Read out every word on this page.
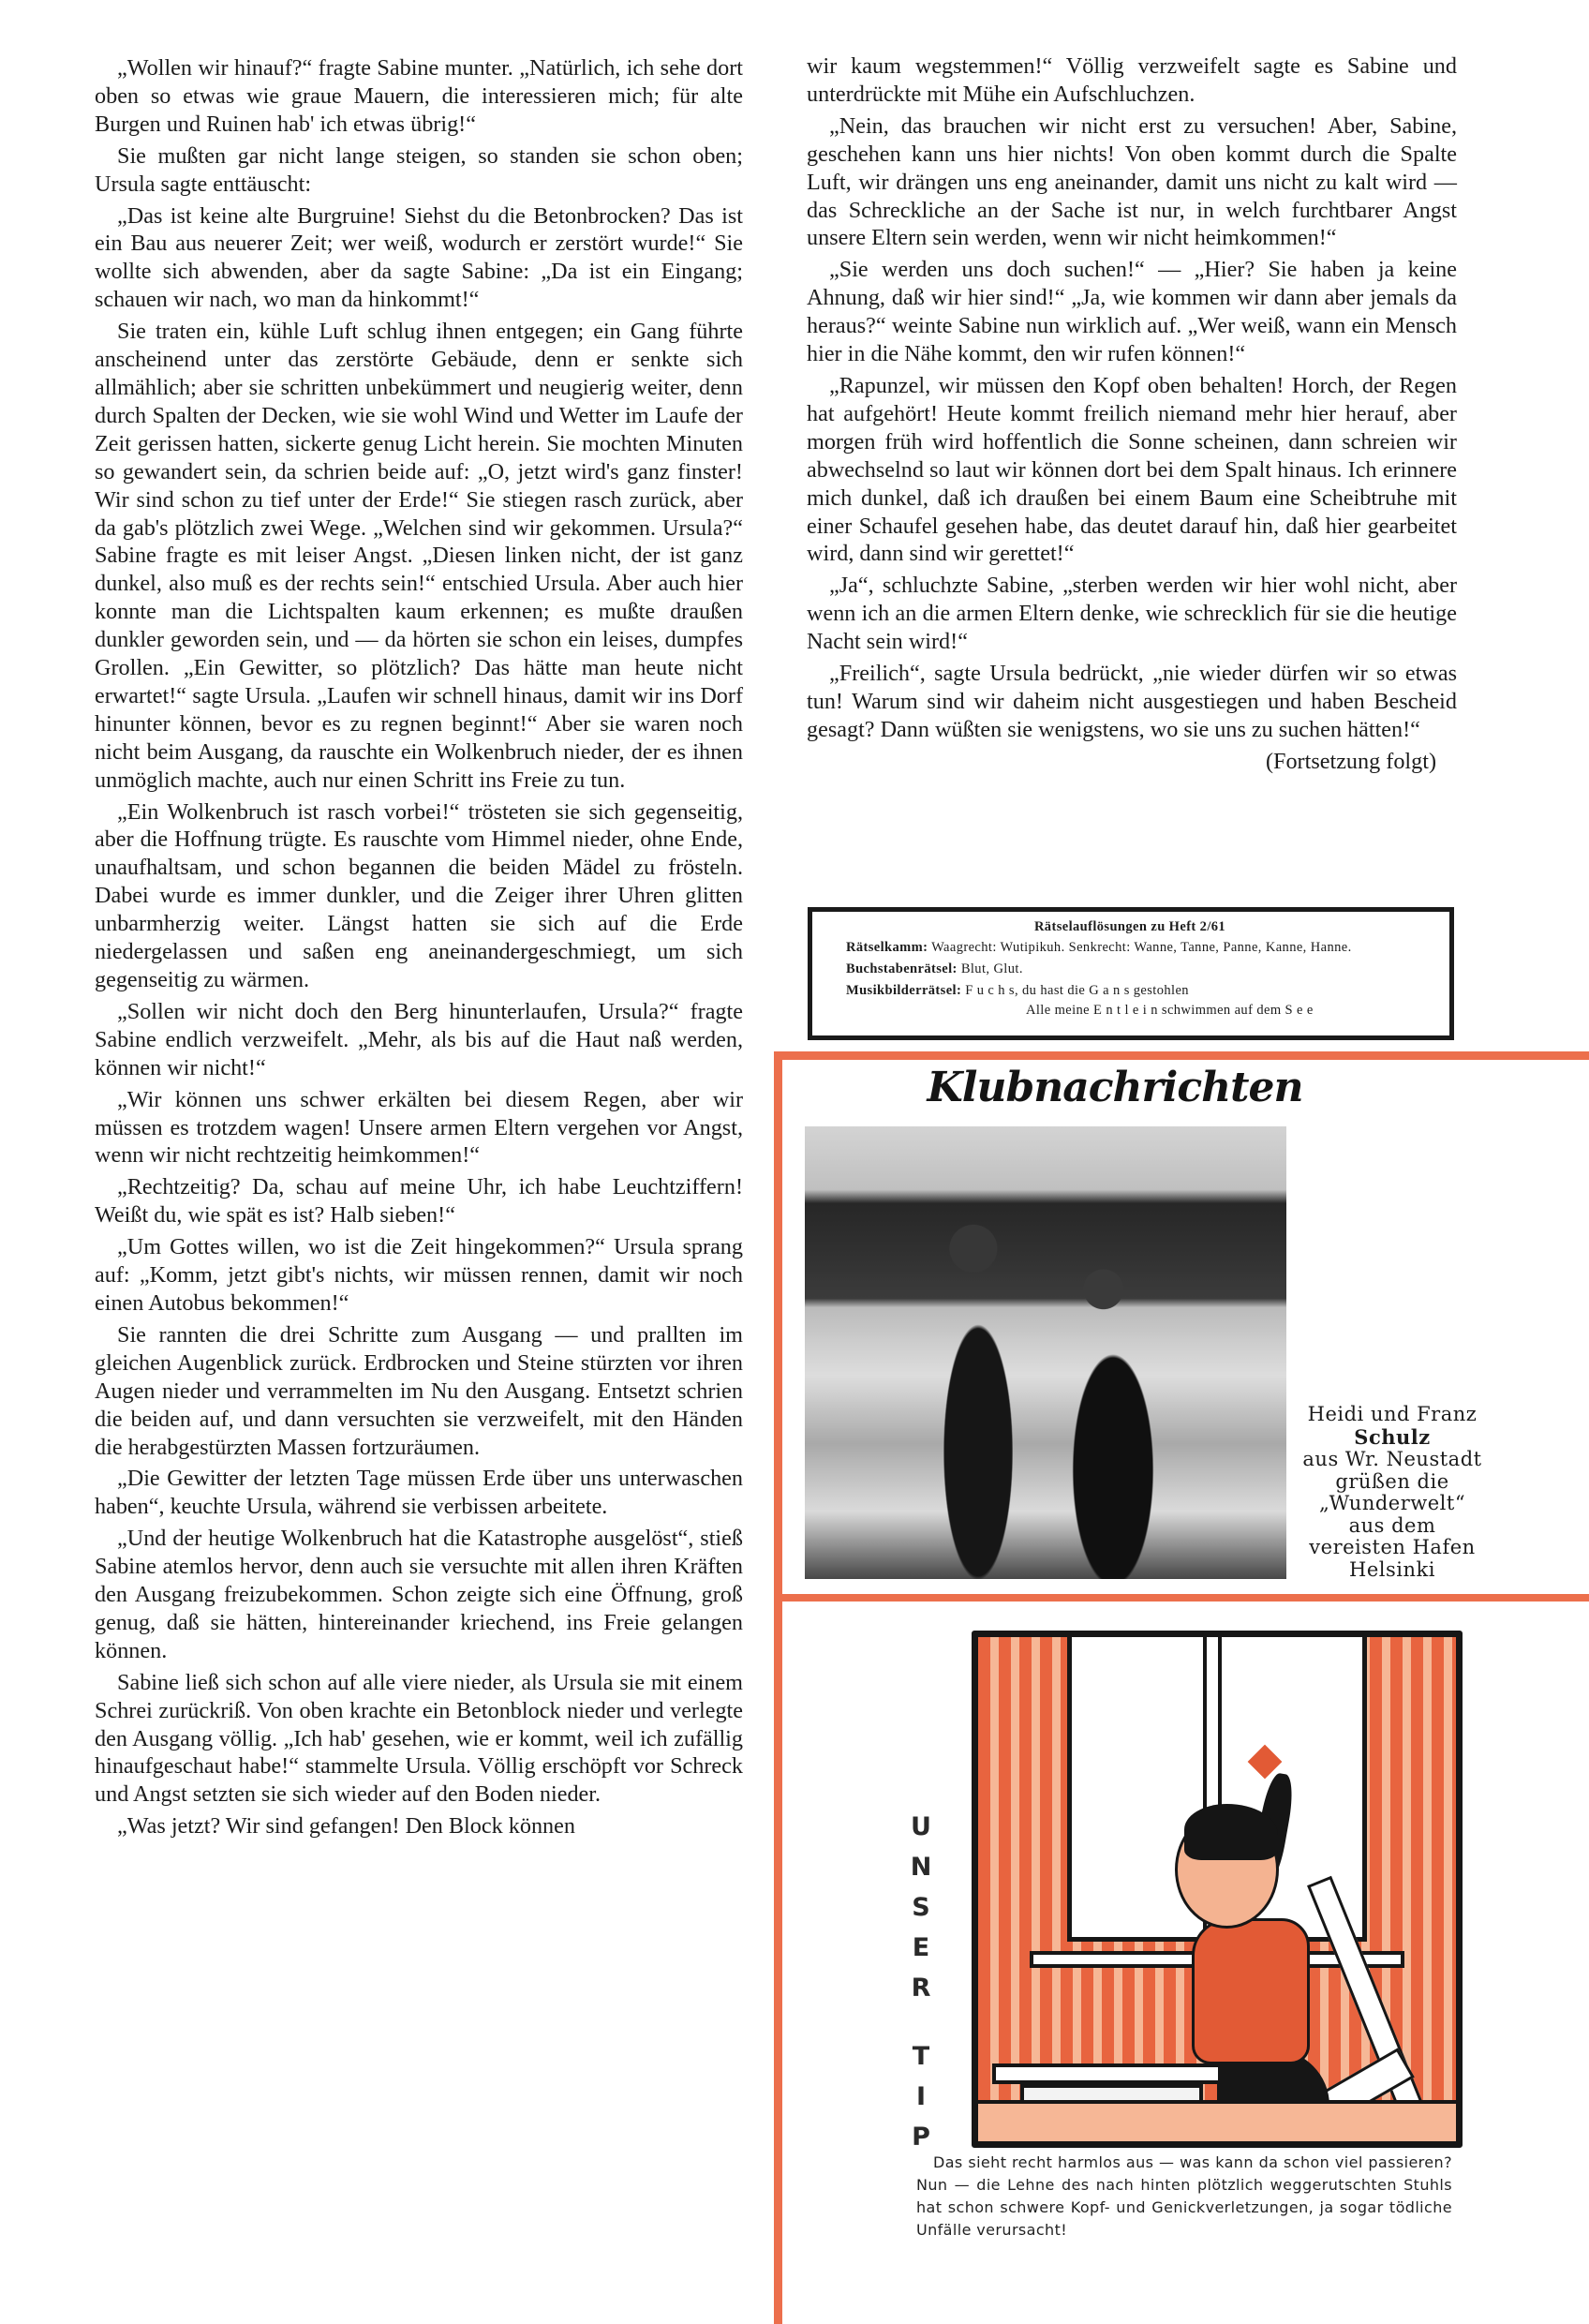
„Wollen wir hinauf?“ fragte Sabine munter. „Natürlich, ich sehe dort oben so etwas wie graue Mauern, die interessieren mich; für alte Burgen und Ruinen hab' ich etwas übrig!“

Sie mußten gar nicht lange steigen, so standen sie schon oben; Ursula sagte enttäuscht:

„Das ist keine alte Burgruine! Siehst du die Betonbrocken? Das ist ein Bau aus neuerer Zeit; wer weiß, wodurch er zerstört wurde!“ Sie wollte sich abwenden, aber da sagte Sabine: „Da ist ein Eingang; schauen wir nach, wo man da hinkommt!“

Sie traten ein, kühle Luft schlug ihnen entgegen; ein Gang führte anscheinend unter das zerstörte Gebäude, denn er senkte sich allmählich; aber sie schritten unbekümmert und neugierig weiter, denn durch Spalten der Decken, wie sie wohl Wind und Wetter im Laufe der Zeit gerissen hatten, sickerte genug Licht herein. Sie mochten Minuten so gewandert sein, da schrien beide auf: „O, jetzt wird's ganz finster! Wir sind schon zu tief unter der Erde!“ Sie stiegen rasch zurück, aber da gab's plötzlich zwei Wege. „Welchen sind wir gekommen. Ursula?“ Sabine fragte es mit leiser Angst. „Diesen linken nicht, der ist ganz dunkel, also muß es der rechts sein!“ entschied Ursula. Aber auch hier konnte man die Lichtspalten kaum erkennen; es mußte draußen dunkler geworden sein, und — da hörten sie schon ein leises, dumpfes Grollen. „Ein Gewitter, so plötzlich? Das hätte man heute nicht erwartet!“ sagte Ursula. „Laufen wir schnell hinaus, damit wir ins Dorf hinunter können, bevor es zu regnen beginnt!“ Aber sie waren noch nicht beim Ausgang, da rauschte ein Wolkenbruch nieder, der es ihnen unmöglich machte, auch nur einen Schritt ins Freie zu tun.

„Ein Wolkenbruch ist rasch vorbei!“ trösteten sie sich gegenseitig, aber die Hoffnung trügte. Es rauschte vom Himmel nieder, ohne Ende, unaufhaltsam, und schon begannen die beiden Mädel zu frösteln. Dabei wurde es immer dunkler, und die Zeiger ihrer Uhren glitten unbarmherzig weiter. Längst hatten sie sich auf die Erde niedergelassen und saßen eng aneinandergeschmiegt, um sich gegenseitig zu wärmen.

„Sollen wir nicht doch den Berg hinunterlaufen, Ursula?“ fragte Sabine endlich verzweifelt. „Mehr, als bis auf die Haut naß werden, können wir nicht!“

„Wir können uns schwer erkälten bei diesem Regen, aber wir müssen es trotzdem wagen! Unsere armen Eltern vergehen vor Angst, wenn wir nicht rechtzeitig heimkommen!“

„Rechtzeitig? Da, schau auf meine Uhr, ich habe Leuchtziffern! Weißt du, wie spät es ist? Halb sieben!“

„Um Gottes willen, wo ist die Zeit hingekommen?“ Ursula sprang auf: „Komm, jetzt gibt's nichts, wir müssen rennen, damit wir noch einen Autobus bekommen!“

Sie rannten die drei Schritte zum Ausgang — und prallten im gleichen Augenblick zurück. Erdbrocken und Steine stürzten vor ihren Augen nieder und verrammelten im Nu den Ausgang. Entsetzt schrien die beiden auf, und dann versuchten sie verzweifelt, mit den Händen die herabgestürzten Massen fortzuräumen.

„Die Gewitter der letzten Tage müssen Erde über uns unterwaschen haben“, keuchte Ursula, während sie verbissen arbeitete.

„Und der heutige Wolkenbruch hat die Katastrophe ausgelöst“, stieß Sabine atemlos hervor, denn auch sie versuchte mit allen ihren Kräften den Ausgang freizubekommen. Schon zeigte sich eine Öffnung, groß genug, daß sie hätten, hintereinander kriechend, ins Freie gelangen können.

Sabine ließ sich schon auf alle viere nieder, als Ursula sie mit einem Schrei zurückriß. Von oben krachte ein Betonblock nieder und verlegte den Ausgang völlig. „Ich hab' gesehen, wie er kommt, weil ich zufällig hinaufgeschaut habe!“ stammelte Ursula. Völlig erschöpft vor Schreck und Angst setzten sie sich wieder auf den Boden nieder.

„Was jetzt? Wir sind gefangen! Den Block können

wir kaum wegstemmen!“ Völlig verzweifelt sagte es Sabine und unterdrückte mit Mühe ein Aufschluchzen.

„Nein, das brauchen wir nicht erst zu versuchen! Aber, Sabine, geschehen kann uns hier nichts! Von oben kommt durch die Spalte Luft, wir drängen uns eng aneinander, damit uns nicht zu kalt wird — das Schreckliche an der Sache ist nur, in welch furchtbarer Angst unsere Eltern sein werden, wenn wir nicht heimkommen!“

„Sie werden uns doch suchen!“ — „Hier? Sie haben ja keine Ahnung, daß wir hier sind!“ „Ja, wie kommen wir dann aber jemals da heraus?“ weinte Sabine nun wirklich auf. „Wer weiß, wann ein Mensch hier in die Nähe kommt, den wir rufen können!“

„Rapunzel, wir müssen den Kopf oben behalten! Horch, der Regen hat aufgehört! Heute kommt freilich niemand mehr hier herauf, aber morgen früh wird hoffentlich die Sonne scheinen, dann schreien wir abwechselnd so laut wir können dort bei dem Spalt hinaus. Ich erinnere mich dunkel, daß ich draußen bei einem Baum eine Scheibtruhe mit einer Schaufel gesehen habe, das deutet darauf hin, daß hier gearbeitet wird, dann sind wir gerettet!“

„Ja“, schluchzte Sabine, „sterben werden wir hier wohl nicht, aber wenn ich an die armen Eltern denke, wie schrecklich für sie die heutige Nacht sein wird!“

„Freilich“, sagte Ursula bedrückt, „nie wieder dürfen wir so etwas tun! Warum sind wir daheim nicht ausgestiegen und haben Bescheid gesagt? Dann wüßten sie wenigstens, wo sie uns zu suchen hätten!“

(Fortsetzung folgt)

Rätselauflösungen zu Heft 2/61
Rätselkamm: Waagrecht: Wutipikuh. Senkrecht: Wanne, Tanne, Panne, Kanne, Hanne.
Buchstabenrätsel: Blut, Glut.
Musikbilderrätsel: F u c h s, du hast die G a n s gestohlen
Alle meine E n t l e i n schwimmen auf dem S e e
Klubnachrichten
Heidi und Franz
Schulz
aus Wr. Neustadt
grüßen die
„Wunderwelt“
aus dem
vereisten Hafen
Helsinki
U
N
S
E
R
T
I
P

Das sieht recht harmlos aus — was kann da schon viel passieren? Nun — die Lehne des nach hinten plötzlich weggerutschten Stuhls hat schon schwere Kopf- und Genickverletzungen, ja sogar tödliche Unfälle verursacht!
